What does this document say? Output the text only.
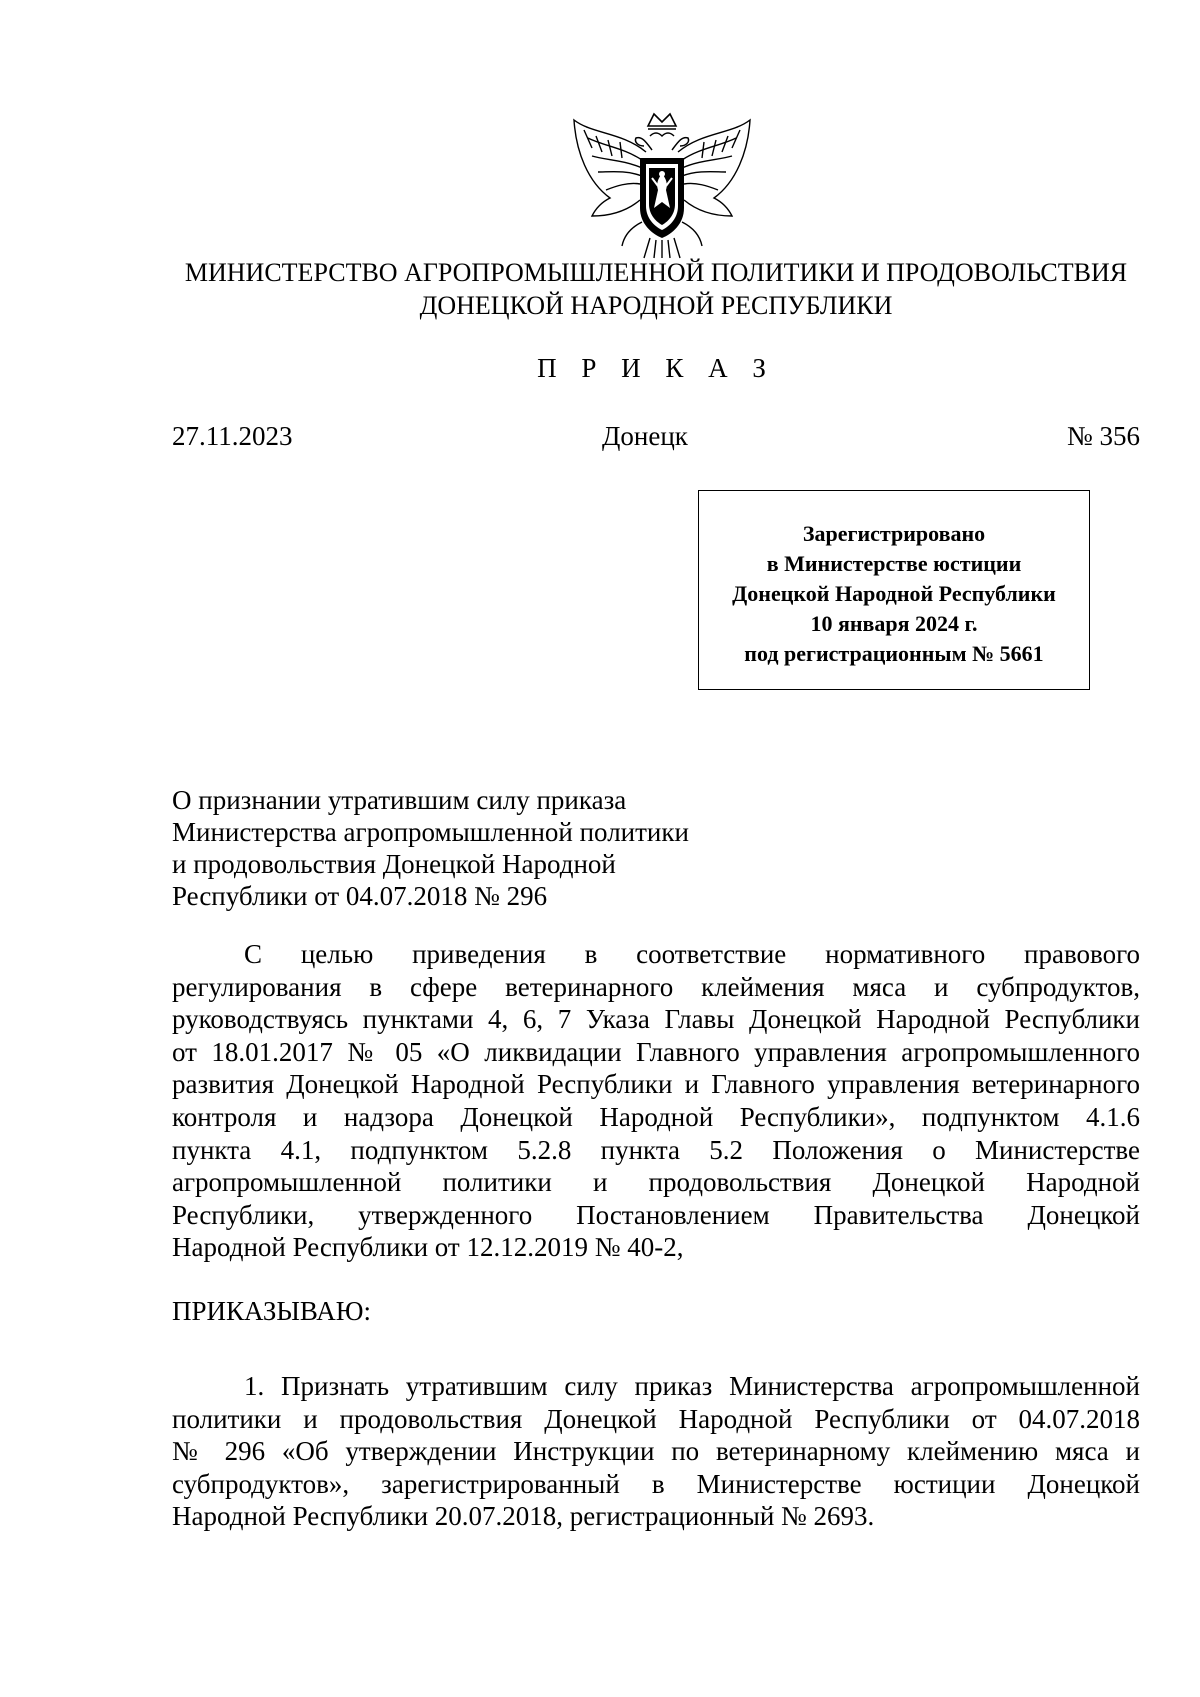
МИНИСТЕРСТВО АГРОПРОМЫШЛЕННОЙ ПОЛИТИКИ И ПРОДОВОЛЬСТВИЯ
ДОНЕЦКОЙ НАРОДНОЙ РЕСПУБЛИКИ
П Р И К А З
27.11.2023	Донецк	№ 356
Зарегистрировано
в Министерстве юстиции
Донецкой Народной Республики
10 января 2024 г.
под регистрационным № 5661
О признании утратившим силу приказа
Министерства агропромышленной политики
и продовольствия Донецкой Народной
Республики от 04.07.2018 № 296
С целью приведения в соответствие нормативного правового
регулирования в сфере ветеринарного клеймения мяса и субпродуктов,
руководствуясь пунктами 4, 6, 7 Указа Главы Донецкой Народной Республики
от 18.01.2017 № 05 «О ликвидации Главного управления агропромышленного
развития Донецкой Народной Республики и Главного управления ветеринарного
контроля и надзора Донецкой Народной Республики», подпунктом 4.1.6
пункта 4.1, подпунктом 5.2.8 пункта 5.2 Положения о Министерстве
агропромышленной политики и продовольствия Донецкой Народной
Республики, утвержденного Постановлением Правительства Донецкой
Народной Республики от 12.12.2019 № 40-2,
ПРИКАЗЫВАЮ:
1. Признать утратившим силу приказ Министерства агропромышленной
политики и продовольствия Донецкой Народной Республики от 04.07.2018
№ 296 «Об утверждении Инструкции по ветеринарному клеймению мяса и
субпродуктов», зарегистрированный в Министерстве юстиции Донецкой
Народной Республики 20.07.2018, регистрационный № 2693.
